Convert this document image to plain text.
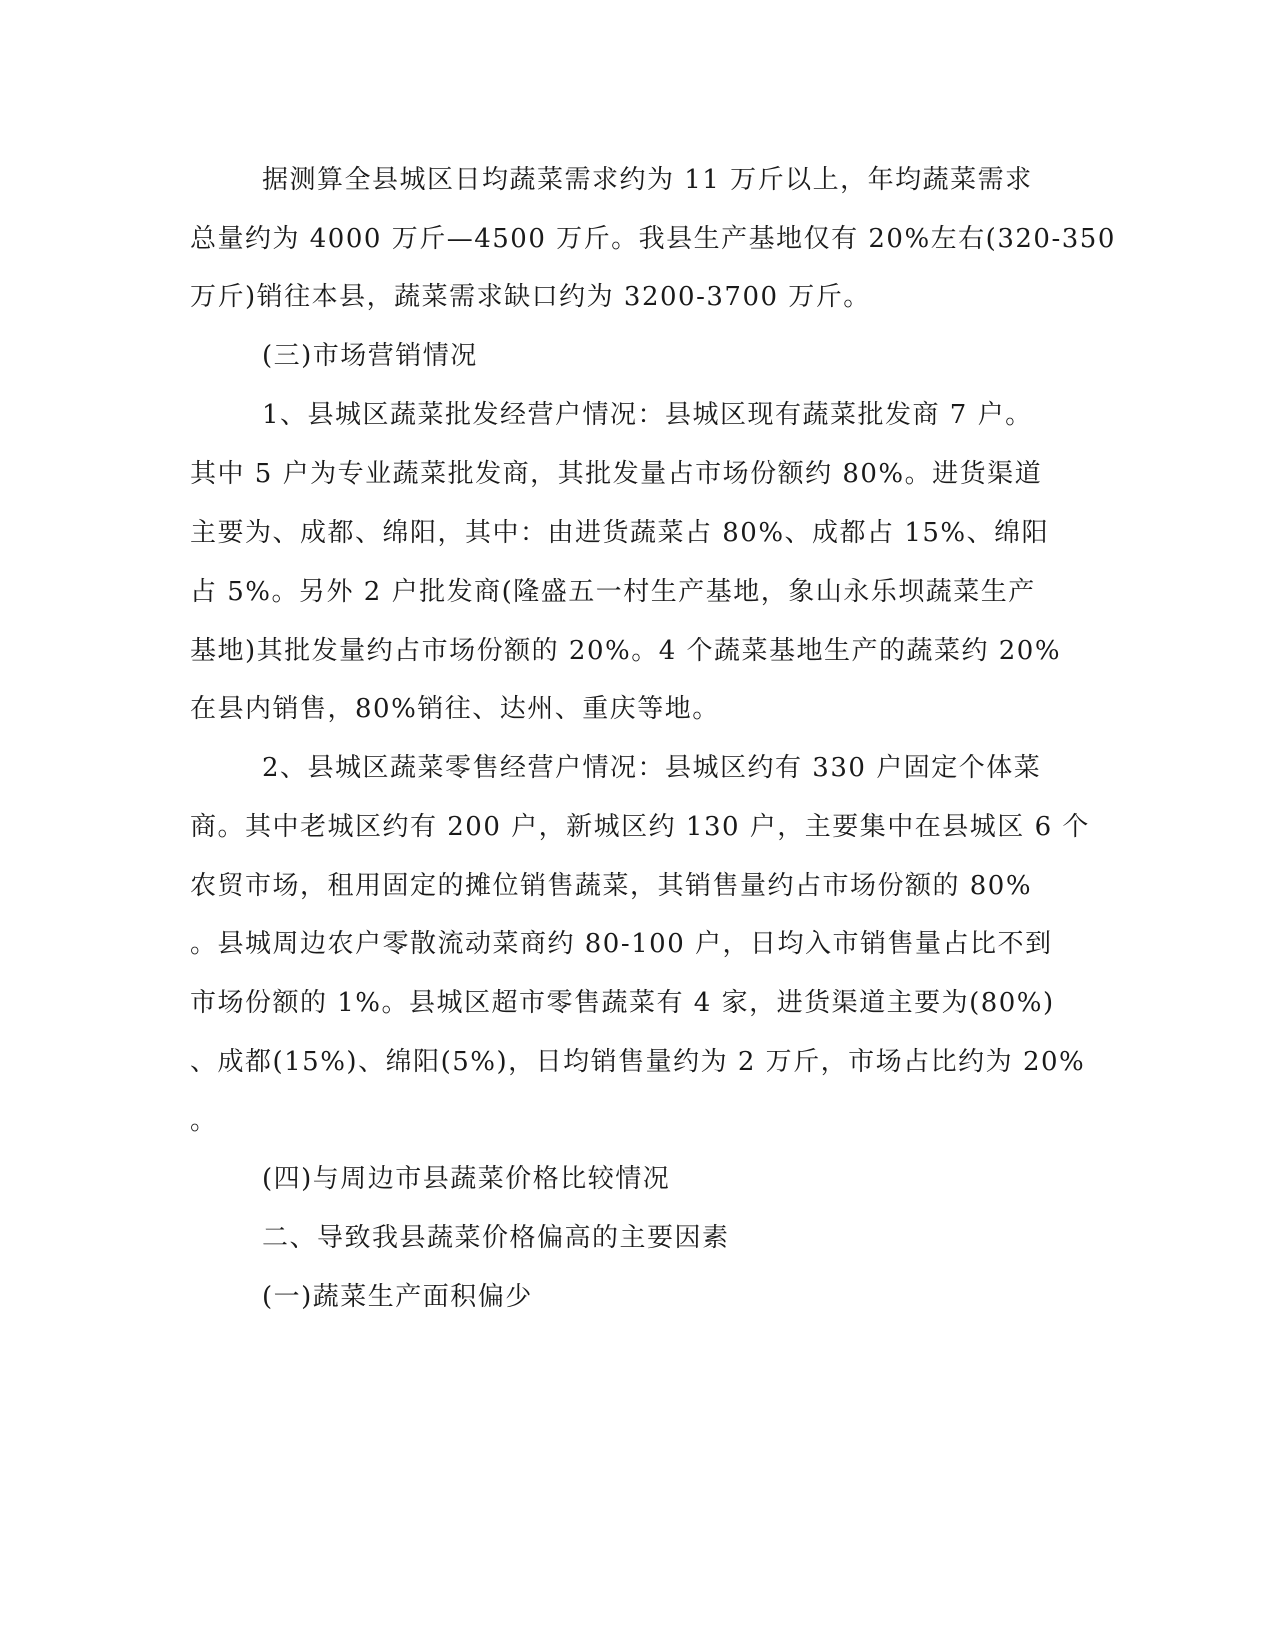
据测算全县城区日均蔬菜需求约为 11 万斤以上，年均蔬菜需求

总量约为 4000 万斤—4500 万斤。我县生产基地仅有 20%左右(320-350

万斤)销往本县，蔬菜需求缺口约为 3200-3700 万斤。

(三)市场营销情况

1、县城区蔬菜批发经营户情况：县城区现有蔬菜批发商 7 户。

其中 5 户为专业蔬菜批发商，其批发量占市场份额约 80%。进货渠道

主要为、成都、绵阳，其中：由进货蔬菜占 80%、成都占 15%、绵阳

占 5%。另外 2 户批发商(隆盛五一村生产基地，象山永乐坝蔬菜生产

基地)其批发量约占市场份额的 20%。4 个蔬菜基地生产的蔬菜约 20%

在县内销售，80%销往、达州、重庆等地。

2、县城区蔬菜零售经营户情况：县城区约有 330 户固定个体菜

商。其中老城区约有 200 户，新城区约 130 户，主要集中在县城区 6 个

农贸市场，租用固定的摊位销售蔬菜，其销售量约占市场份额的 80%

。县城周边农户零散流动菜商约 80-100 户，日均入市销售量占比不到

市场份额的 1%。县城区超市零售蔬菜有 4 家，进货渠道主要为(80%)

、成都(15%)、绵阳(5%)，日均销售量约为 2 万斤，市场占比约为 20%

。

(四)与周边市县蔬菜价格比较情况

二、导致我县蔬菜价格偏高的主要因素

(一)蔬菜生产面积偏少
